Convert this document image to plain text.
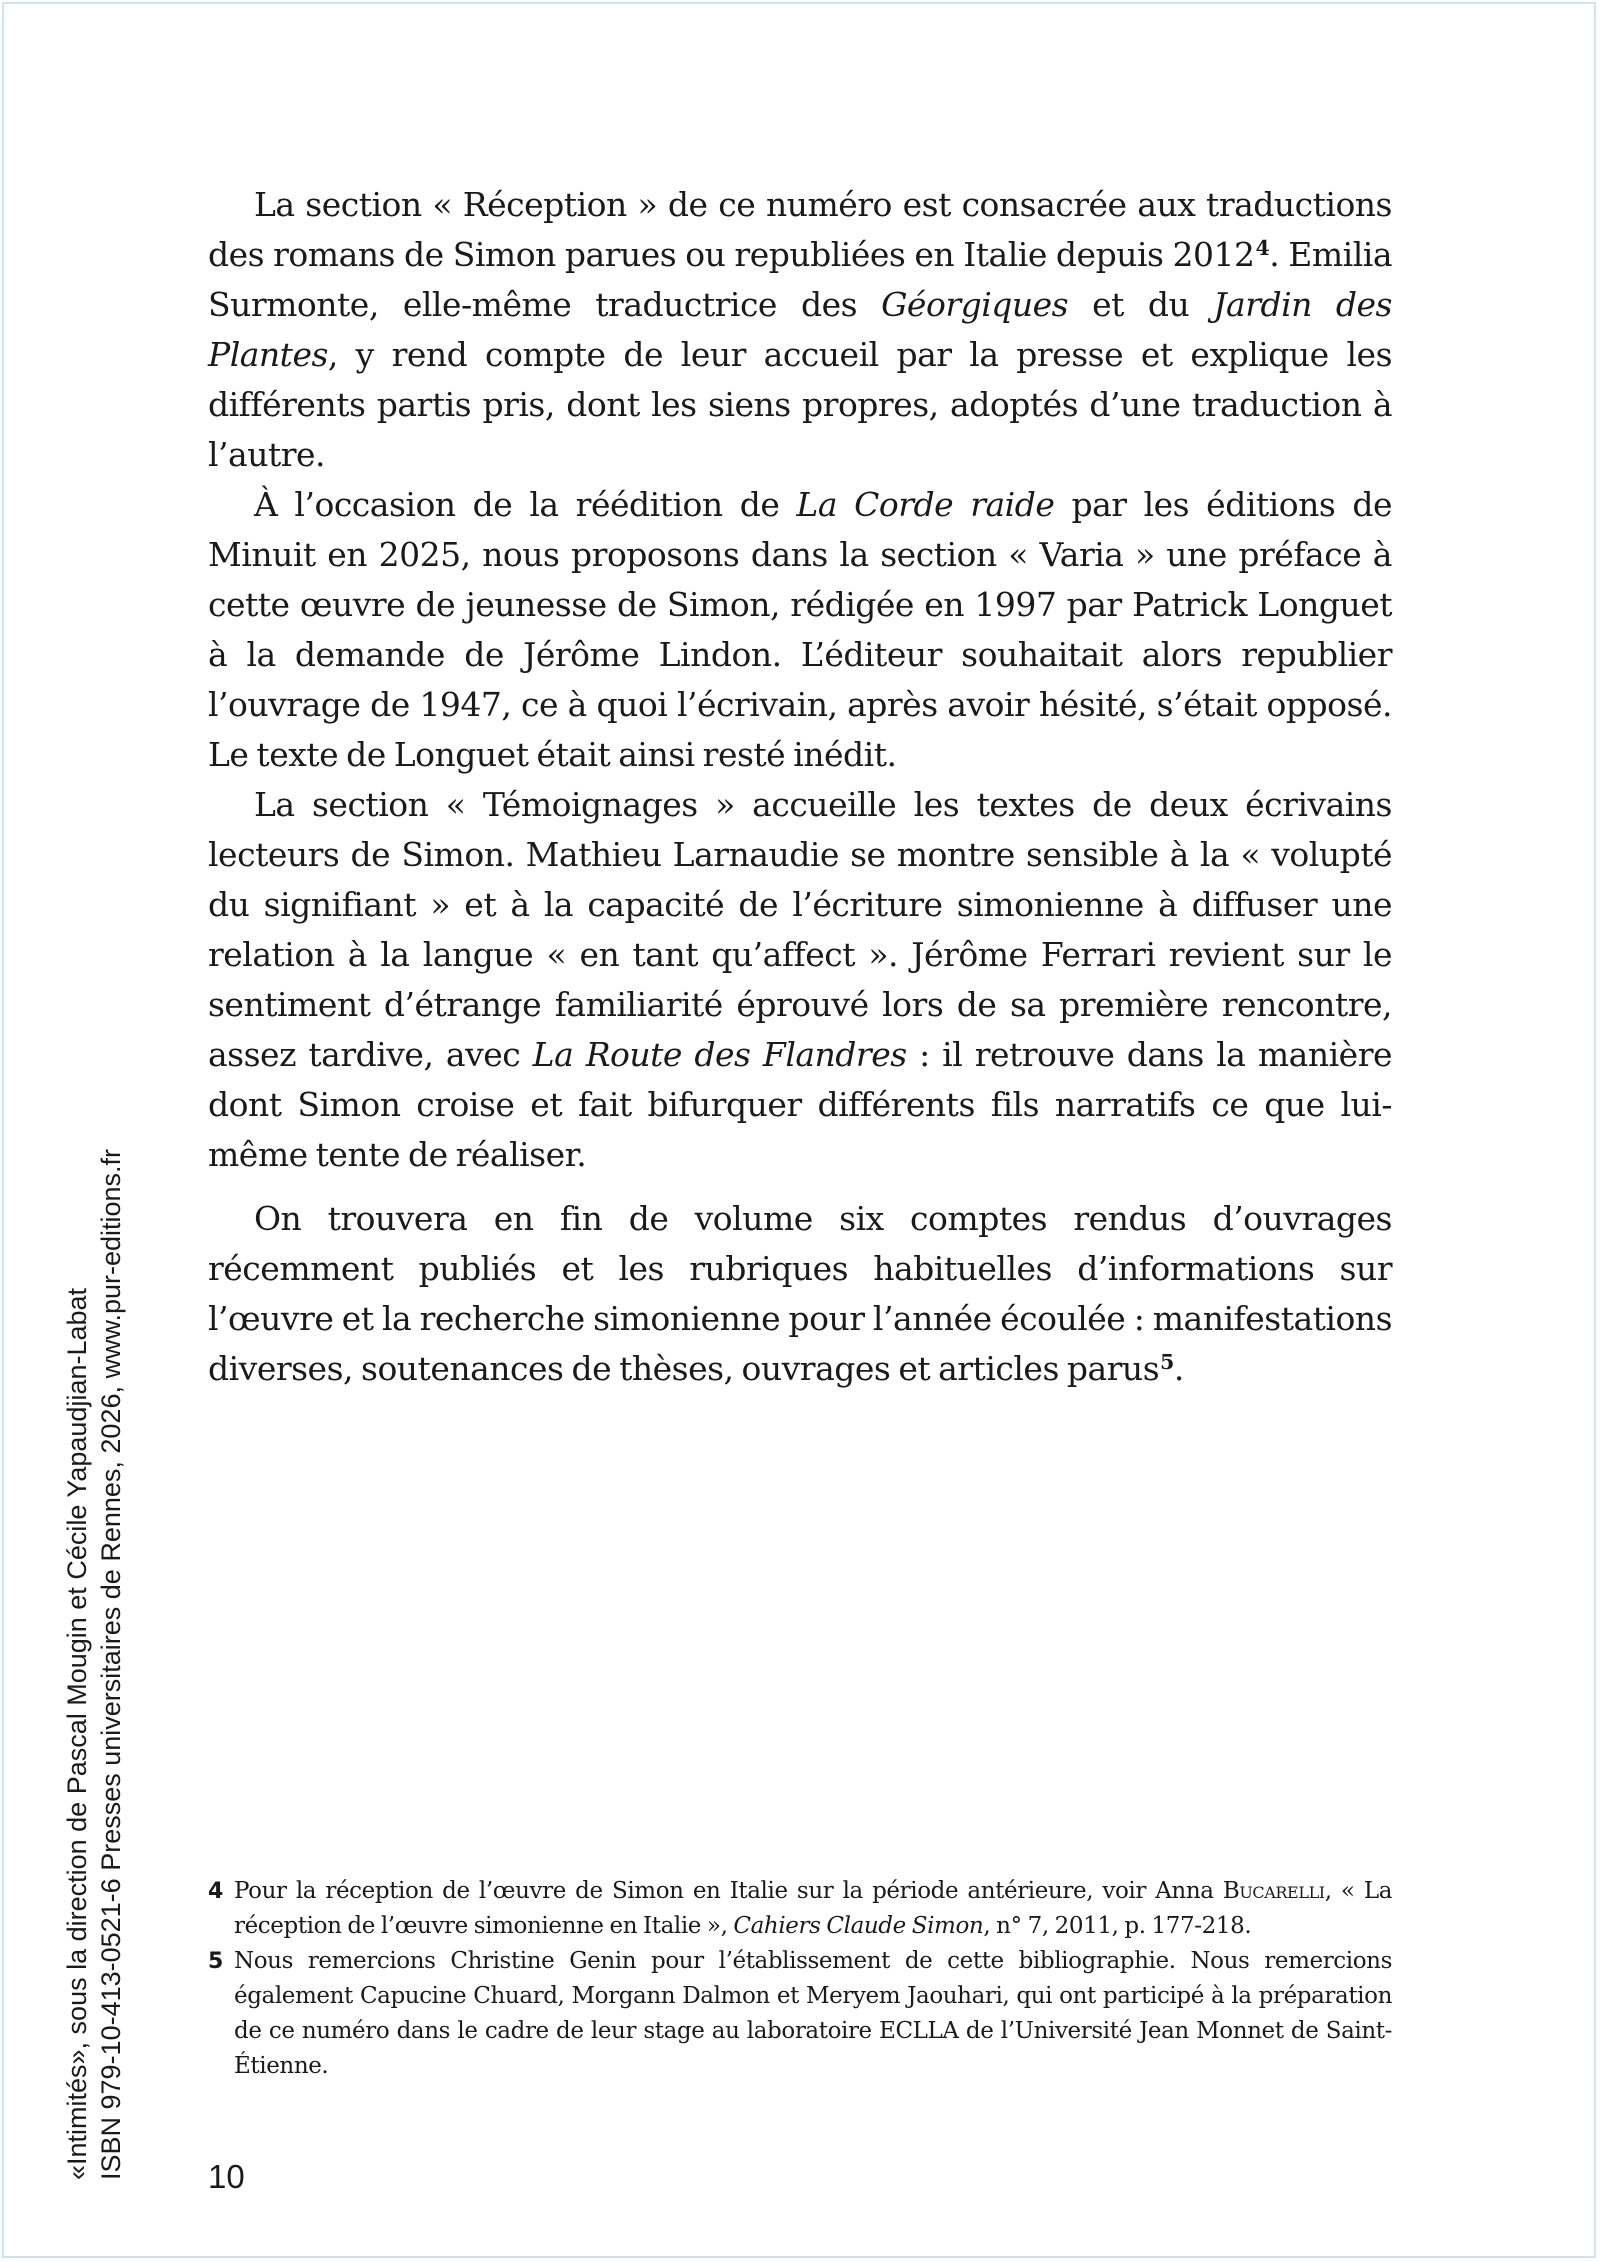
La section « Réception » de ce numéro est consacrée aux traductions des romans de Simon parues ou republiées en Italie depuis 2012$^4$. Emilia Surmonte, elle-même traductrice des Géorgiques et du Jardin des Plantes, y rend compte de leur accueil par la presse et explique les différents partis pris, dont les siens propres, adoptés d’une traduction à l’autre.

À l’occasion de la réédition de La Corde raide par les éditions de Minuit en 2025, nous proposons dans la section « Varia » une préface à cette œuvre de jeunesse de Simon, rédigée en 1997 par Patrick Longuet à la demande de Jérôme Lindon. L’éditeur souhaitait alors republier l’ouvrage de 1947, ce à quoi l’écrivain, après avoir hésité, s’était opposé. Le texte de Longuet était ainsi resté inédit.

La section « Témoignages » accueille les textes de deux écrivains lecteurs de Simon. Mathieu Larnaudie se montre sensible à la « volupté du signifiant » et à la capacité de l’écriture simonienne à diffuser une relation à la langue « en tant qu’affect ». Jérôme Ferrari revient sur le sentiment d’étrange familiarité éprouvé lors de sa première rencontre, assez tardive, avec La Route des Flandres : il retrouve dans la manière dont Simon croise et fait bifurquer différents fils narratifs ce que lui-même tente de réaliser.

On trouvera en fin de volume six comptes rendus d’ouvrages récemment publiés et les rubriques habituelles d’informations sur l’œuvre et la recherche simonienne pour l’année écoulée : manifestations diverses, soutenances de thèses, ouvrages et articles parus$^5$.

4 Pour la réception de l’œuvre de Simon en Italie sur la période antérieure, voir Anna Bucarelli, « La réception de l’œuvre simonienne en Italie », Cahiers Claude Simon, n° 7, 2011, p. 177-218.
5 Nous remercions Christine Genin pour l’établissement de cette bibliographie. Nous remercions également Capucine Chuard, Morgann Dalmon et Meryem Jaouhari, qui ont participé à la préparation de ce numéro dans le cadre de leur stage au laboratoire ECLLA de l’Université Jean Monnet de Saint-Étienne.
10
«Intimités», sous la direction de Pascal Mougin et Cécile Yapaudjian-Labat ISBN 979-10-413-0521-6 Presses universitaires de Rennes, 2026, www.pur-editions.fr
